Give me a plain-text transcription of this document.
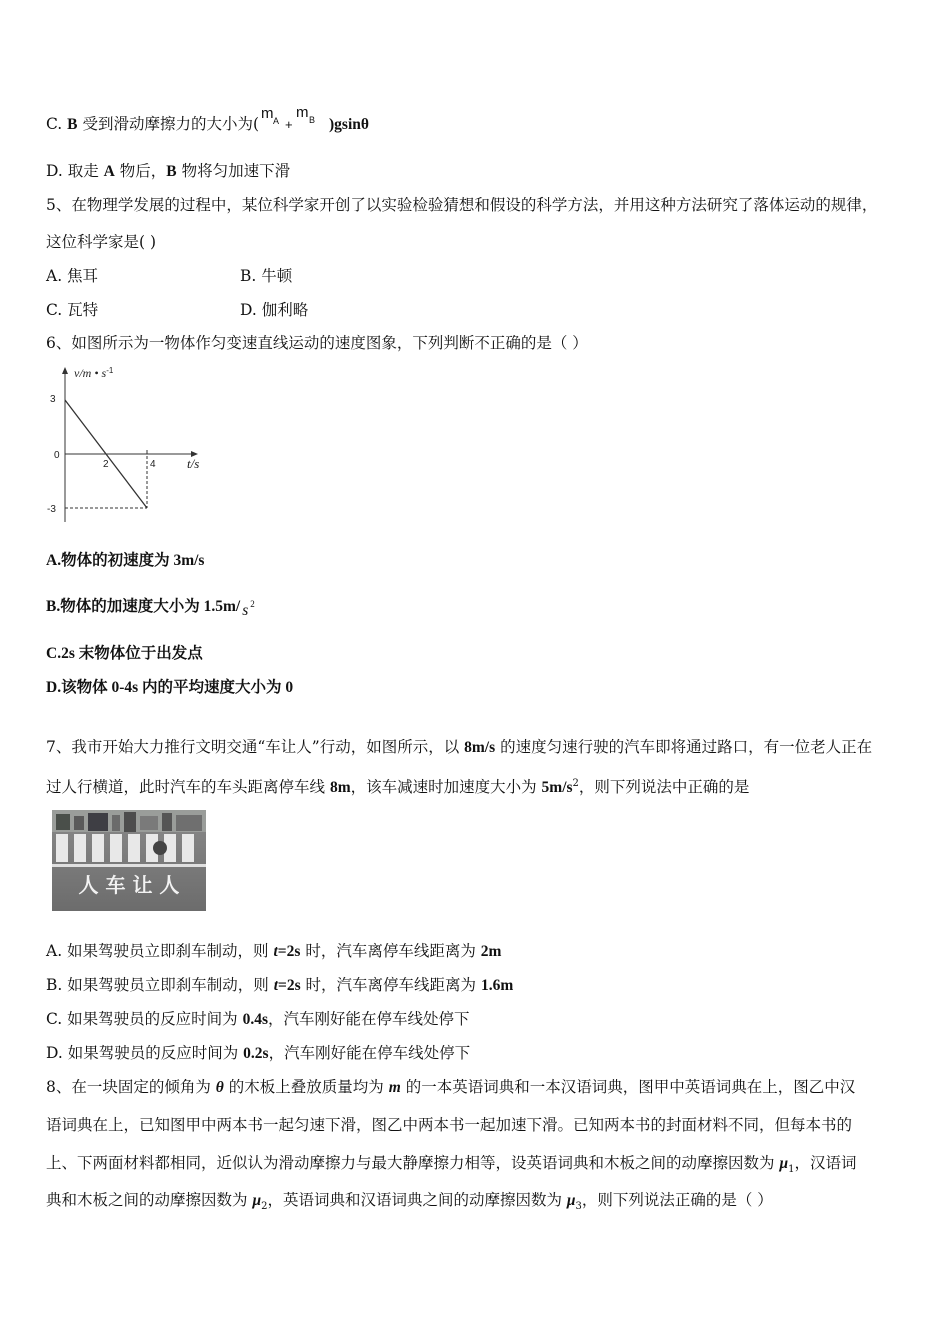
C. B 受到滑动摩擦力的大小为(
m A +
m B )gsinθ
D. 取走 A 物后，B 物将匀加速下滑
5、在物理学发展的过程中，某位科学家开创了以实验检验猜想和假设的科学方法，并用这种方法研究了落体运动的规律，
这位科学家是( )
A. 焦耳	B. 牛顿
C. 瓦特	D. 伽利略
6、如图所示为一物体作匀变速直线运动的速度图象，下列判断不正确的是（ ）
v/m • $s^{-1}$
t/s
3
0
-3
2	4
A.物体的初速度为 3m/s
B.物体的加速度大小为 1.5m/ s 2
C.2s 末物体位于出发点
D.该物体 0-4s 内的平均速度大小为 0
7、我市开始大力推行文明交通“车让人”行动，如图所示，以 8m/s 的速度匀速行驶的汽车即将通过路口，有一位老人正在
过人行横道，此时汽车的车头距离停车线 8m，该车减速时加速度大小为 $5m/s^2$，则下列说法中正确的是
人 车 让 人
A. 如果驾驶员立即刹车制动，则 t=2s 时，汽车离停车线距离为 2m
B. 如果驾驶员立即刹车制动，则 t=2s 时，汽车离停车线距离为 1.6m
C. 如果驾驶员的反应时间为 0.4s，汽车刚好能在停车线处停下
D. 如果驾驶员的反应时间为 0.2s，汽车刚好能在停车线处停下
8、在一块固定的倾角为 θ 的木板上叠放质量均为 m 的一本英语词典和一本汉语词典，图甲中英语词典在上，图乙中汉
语词典在上，已知图甲中两本书一起匀速下滑，图乙中两本书一起加速下滑。已知两本书的封面材料不同，但每本书的
上、下两面材料都相同，近似认为滑动摩擦力与最大静摩擦力相等，设英语词典和木板之间的动摩擦因数为 $\mu_1$，汉语词
典和木板之间的动摩擦因数为 $\mu_2$，英语词典和汉语词典之间的动摩擦因数为 $\mu_3$，则下列说法正确的是（ ）
